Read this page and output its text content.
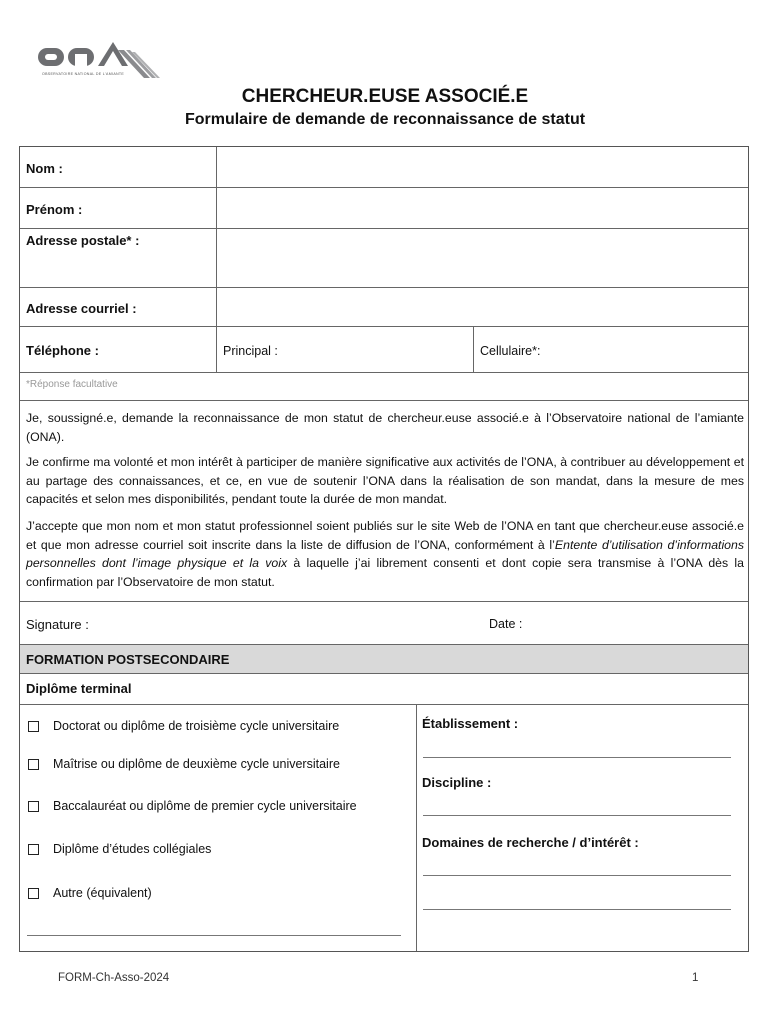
OBSERVATOIRE NATIONAL DE L'AMIANTE
CHERCHEUR.EUSE ASSOCIÉ.E
Formulaire de demande de reconnaissance de statut
Nom :
Prénom :
Adresse postale* :
Adresse courriel :
Téléphone :	Principal :	Cellulaire*:
*Réponse facultative

Je, soussigné.e, demande la reconnaissance de mon statut de chercheur.euse associé.e à l’Observatoire national de l’amiante (ONA).

Je confirme ma volonté et mon intérêt à participer de manière significative aux activités de l’ONA, à contribuer au développement et au partage des connaissances, et ce, en vue de soutenir l’ONA dans la réalisation de son mandat, dans la mesure de mes capacités et selon mes disponibilités, pendant toute la durée de mon mandat.

J’accepte que mon nom et mon statut professionnel soient publiés sur le site Web de l’ONA en tant que chercheur.euse associé.e et que mon adresse courriel soit inscrite dans la liste de diffusion de l’ONA, conformément à l’Entente d’utilisation d’informations personnelles dont l’image physique et la voix à laquelle j’ai librement consenti et dont copie sera transmise à l’ONA dès la confirmation par l’Observatoire de mon statut.

Signature :	Date :
FORMATION POSTSECONDAIRE
Diplôme terminal
Doctorat ou diplôme de troisième cycle universitaire
Maîtrise ou diplôme de deuxième cycle universitaire
Baccalauréat ou diplôme de premier cycle universitaire
Diplôme d’études collégiales
Autre (équivalent)
Établissement :
Discipline :
Domaines de recherche / d’intérêt :
FORM-Ch-Asso-2024	1
